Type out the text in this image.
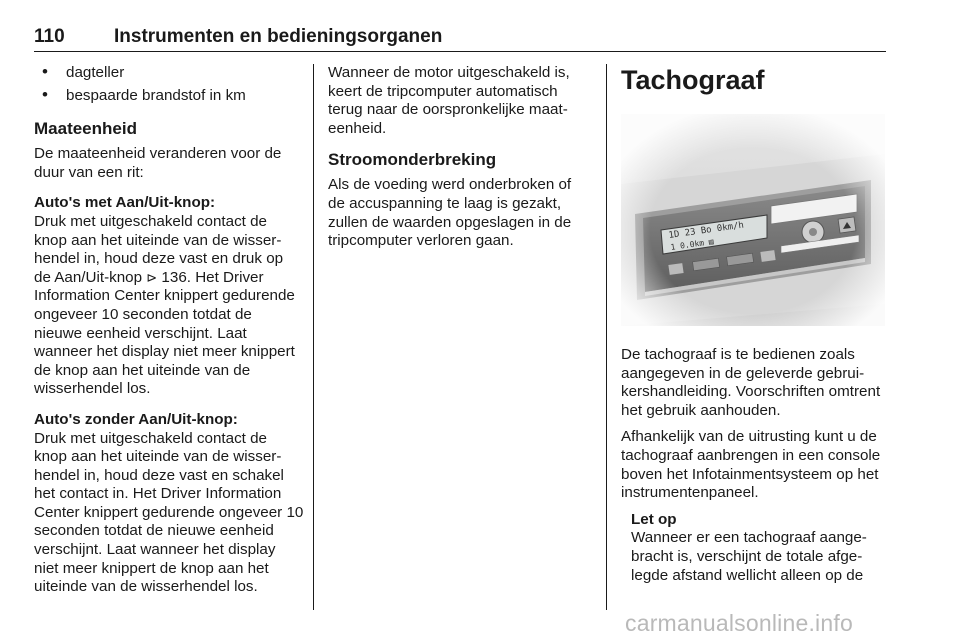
110	Instrumenten en bedieningsorganen
• dagteller
• bespaarde brandstof in km
Maateenheid

De maateenheid veranderen voor de duur van een rit:

Auto's met Aan/Uit-knop:
Druk met uitgeschakeld contact de knop aan het uiteinde van de wisserhendel in, houd deze vast en druk op de Aan/Uit-knop ⊳ 136. Het Driver Information Center knippert gedurende ongeveer 10 seconden totdat de nieuwe eenheid verschijnt. Laat wanneer het display niet meer knippert de knop aan het uiteinde van de wisserhendel los.

Auto's zonder Aan/Uit-knop:
Druk met uitgeschakeld contact de knop aan het uiteinde van de wisserhendel in, houd deze vast en schakel het contact in. Het Driver Information Center knippert gedurende ongeveer 10 seconden totdat de nieuwe eenheid verschijnt. Laat wanneer het display niet meer knippert de knop aan het uiteinde van de wisserhendel los.

Wanneer de motor uitgeschakeld is, keert de tripcomputer automatisch terug naar de oorspronkelijke maateenheid.

Stroomonderbreking

Als de voeding werd onderbroken of de accuspanning te laag is gezakt, zullen de waarden opgeslagen in de tripcomputer verloren gaan.

Tachograaf

De tachograaf is te bedienen zoals aangegeven in de geleverde gebruikershandleiding. Voorschriften omtrent het gebruik aanhouden.

Afhankelijk van de uitrusting kunt u de tachograaf aanbrengen in een console boven het Infotainmentsysteem op het instrumentenpaneel.

Let op
Wanneer er een tachograaf aangebracht is, verschijnt de totale afgelegde afstand wellicht alleen op de
carmanualsonline.info
